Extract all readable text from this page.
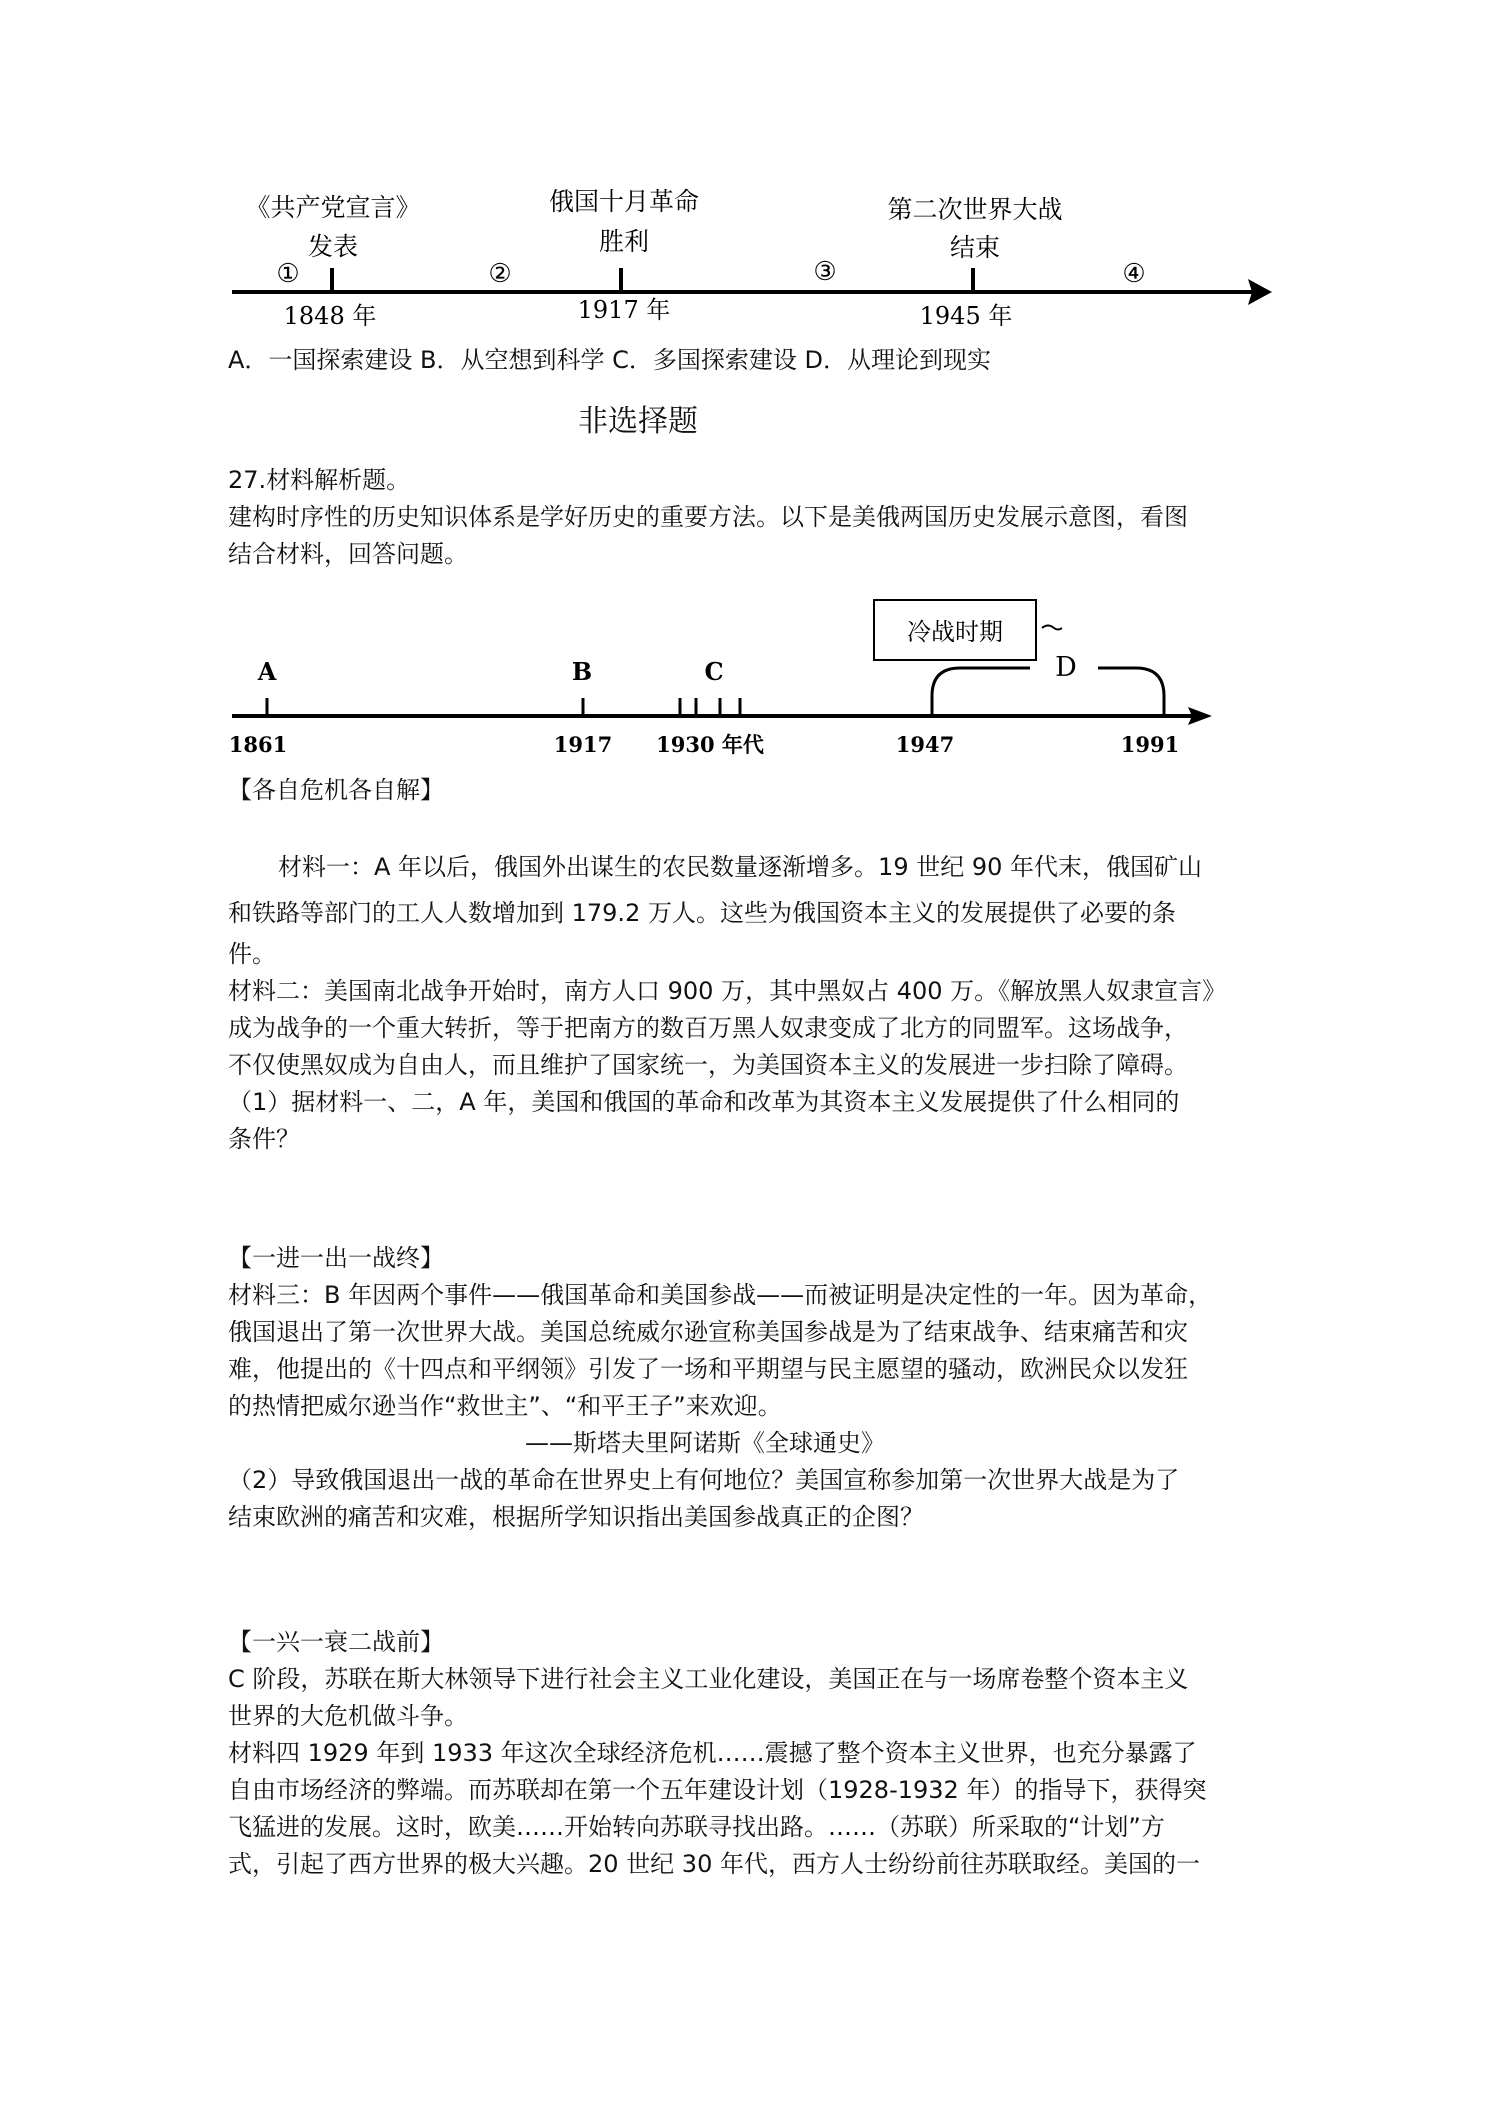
《共产党宣言》
发表
1848 年
俄国十月革命
胜利
1917 年
第二次世界大战
结束
1945 年
①	②	③	④
A．一国探索建设 B．从空想到科学 C．多国探索建设 D．从理论到现实
非选择题
27.材料解析题。
建构时序性的历史知识体系是学好历史的重要方法。以下是美俄两国历史发展示意图，看图
结合材料，回答问题。
冷战时期
A	B	C	D
1861	1917 1930 年代	1947	1991
【各自危机各自解】
材料一：A 年以后，俄国外出谋生的农民数量逐渐增多。19 世纪 90 年代末，俄国矿山
和铁路等部门的工人人数增加到 179.2 万人。这些为俄国资本主义的发展提供了必要的条
件。
材料二：美国南北战争开始时，南方人口 900 万，其中黑奴占 400 万。《解放黑人奴隶宣言》
成为战争的一个重大转折，等于把南方的数百万黑人奴隶变成了北方的同盟军。这场战争，
不仅使黑奴成为自由人，而且维护了国家统一，为美国资本主义的发展进一步扫除了障碍。
（1）据材料一、二，A 年，美国和俄国的革命和改革为其资本主义发展提供了什么相同的
条件？
【一进一出一战终】
材料三：B 年因两个事件——俄国革命和美国参战——而被证明是决定性的一年。因为革命，
俄国退出了第一次世界大战。美国总统威尔逊宣称美国参战是为了结束战争、结束痛苦和灾
难，他提出的《十四点和平纲领》引发了一场和平期望与民主愿望的骚动，欧洲民众以发狂
的热情把威尔逊当作“救世主”、“和平王子”来欢迎。
——斯塔夫里阿诺斯《全球通史》
（2）导致俄国退出一战的革命在世界史上有何地位？美国宣称参加第一次世界大战是为了
结束欧洲的痛苦和灾难，根据所学知识指出美国参战真正的企图？
【一兴一衰二战前】
C 阶段，苏联在斯大林领导下进行社会主义工业化建设，美国正在与一场席卷整个资本主义
世界的大危机做斗争。
材料四 1929 年到 1933 年这次全球经济危机……震撼了整个资本主义世界，也充分暴露了
自由市场经济的弊端。而苏联却在第一个五年建设计划（1928-1932 年）的指导下，获得突
飞猛进的发展。这时，欧美……开始转向苏联寻找出路。……（苏联）所采取的“计划”方
式，引起了西方世界的极大兴趣。20 世纪 30 年代，西方人士纷纷前往苏联取经。美国的一
